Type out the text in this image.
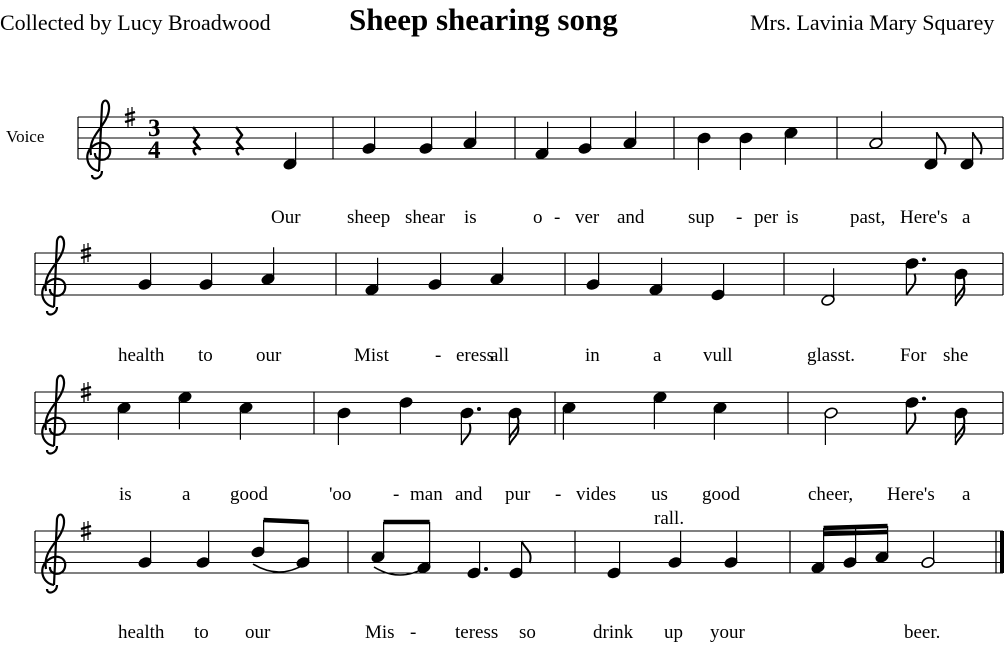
Collected by Lucy Broadwood	Sheep shearing song	Mrs. Lavinia Mary Squarey
Voice	3
4
rall.
Our sheep shear is	o - ver and sup - per is	past, Here's a
health to our	Mist - eress
all	in	a vull	glasst. For she
is	a good	'oo - man and pur - vides us good	cheer, Here's a
health to our	Mis - teress so	drink up your	beer.
